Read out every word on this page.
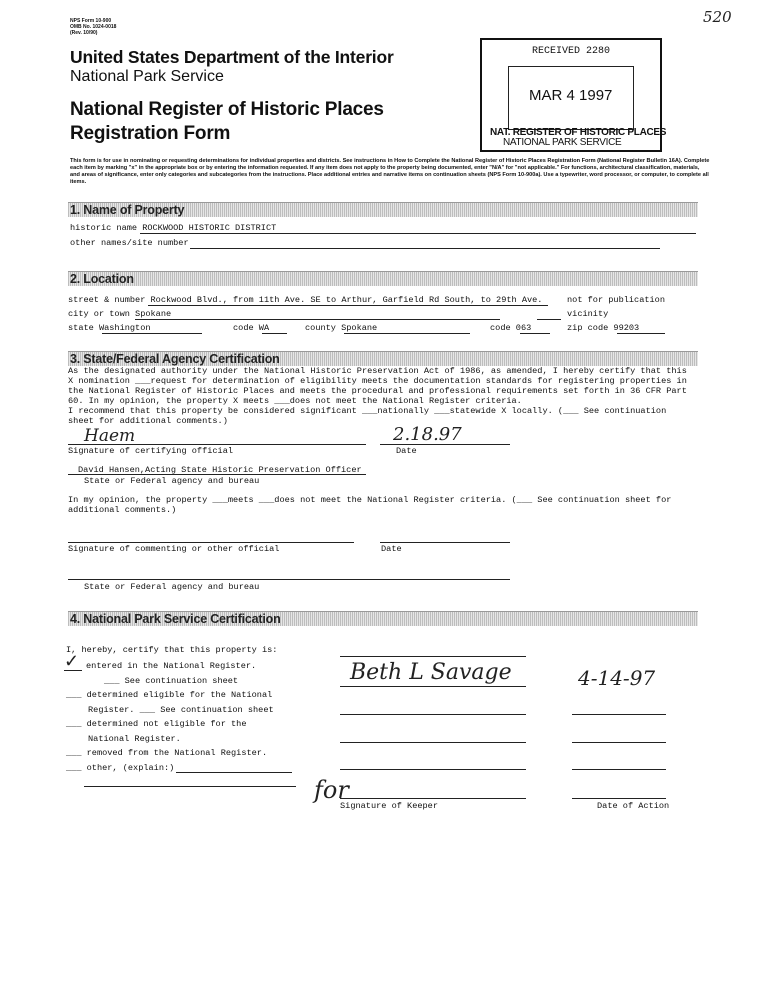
NPS Form 10-900
OMB No. 1024-0018
(Rev. 10/90)
520
United States Department of the Interior
National Park Service
National Register of Historic Places
Registration Form
RECEIVED 2280
MAR 4 1997
NAT. REGISTER OF HISTORIC PLACES
NATIONAL PARK SERVICE
This form is for use in nominating or requesting determinations for individual properties and districts. See instructions in How to Complete the National Register of Historic Places Registration Form (National Register Bulletin 16A). Complete each item by marking "x" in the appropriate box or by entering the information requested. If any item does not apply to the property being documented, enter "N/A" for "not applicable." For functions, architectural classification, materials, and areas of significance, enter only categories and subcategories from the instructions. Place additional entries and narrative items on continuation sheets (NPS Form 10-900a). Use a typewriter, word processor, or computer, to complete all items.
1. Name of Property
historic name ROCKWOOD HISTORIC DISTRICT
other names/site number
2. Location
street & number Rockwood Blvd., from 11th Ave. SE to Arthur, Garfield Rd South, to 29th Ave.	not for publication
city or town Spokane	vicinity
state Washington	code WA	county Spokane	code 063	zip code 99203
3. State/Federal Agency Certification
As the designated authority under the National Historic Preservation Act of 1986, as amended, I hereby certify that this
X nomination ___request for determination of eligibility meets the documentation standards for registering properties in
the National Register of Historic Places and meets the procedural and professional requirements set forth in 36 CFR Part
60. In my opinion, the property X meets ___does not meet the National Register criteria.
I recommend that this property be considered significant ___nationally ___statewide X locally. (___ See continuation
sheet for additional comments.)
Haem	2.18.97
Signature of certifying official	Date
David Hansen,Acting State Historic Preservation Officer
State or Federal agency and bureau
In my opinion, the property ___meets ___does not meet the National Register criteria. (___ See continuation sheet for
additional comments.)
Signature of commenting or other official	Date
State or Federal agency and bureau
4. National Park Service Certification
I, hereby, certify that this property is:
✓ entered in the National Register.
___ See continuation sheet
___ determined eligible for the National
Register. ___ See continuation sheet
___ determined not eligible for the
National Register.
___ removed from the National Register.
___ other, (explain:)
Beth L Savage	4-14-97
for
Signature of Keeper	Date of Action
